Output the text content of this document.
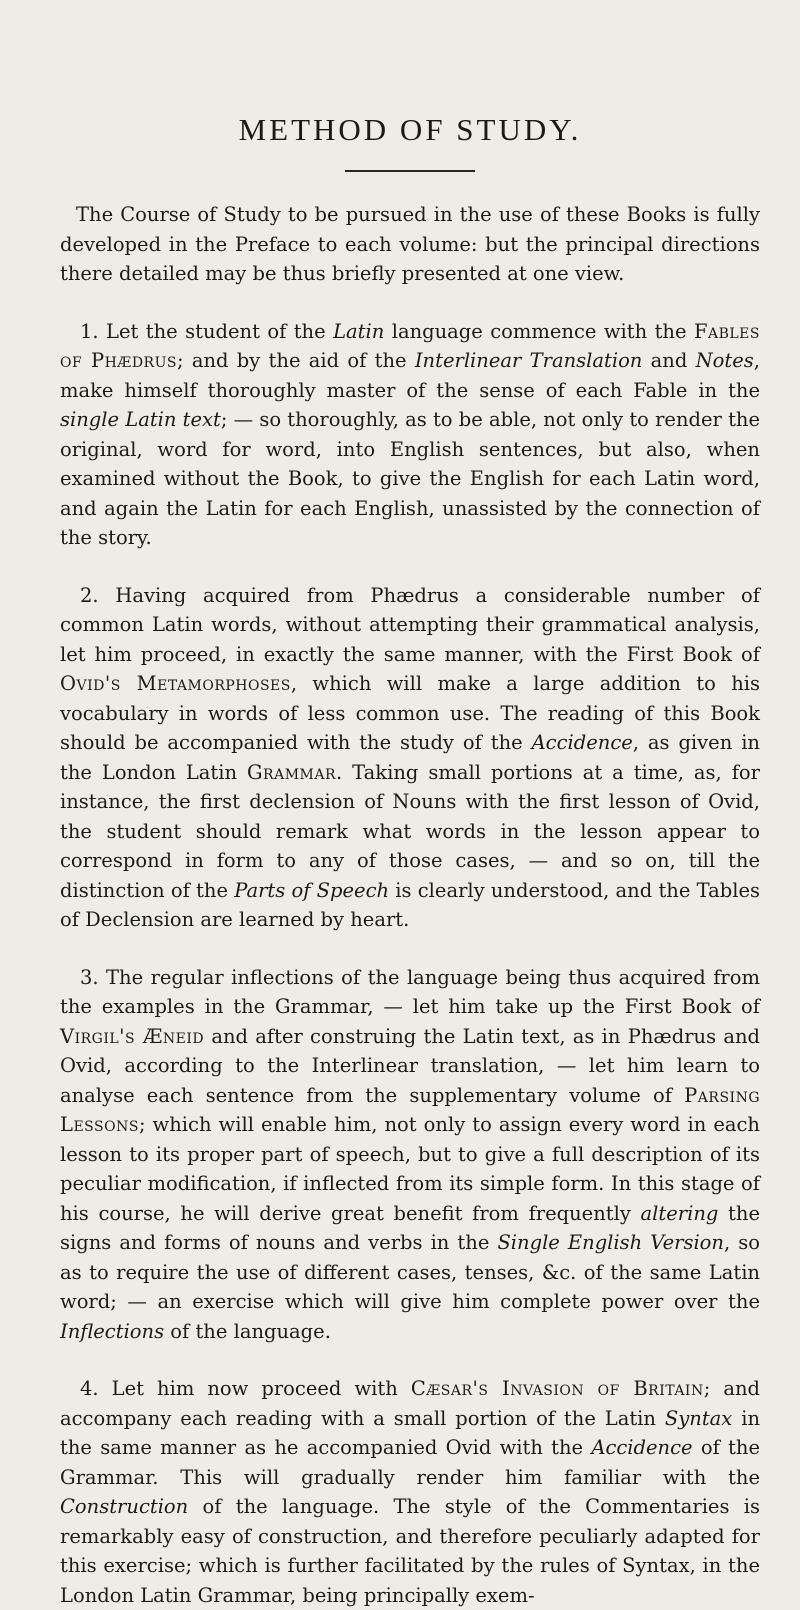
METHOD OF STUDY.

The Course of Study to be pursued in the use of these Books is fully developed in the Preface to each volume: but the principal directions there detailed may be thus briefly presented at one view.

1. Let the student of the Latin language commence with the Fables of Phædrus; and by the aid of the Interlinear Translation and Notes, make himself thoroughly master of the sense of each Fable in the single Latin text; — so thoroughly, as to be able, not only to render the original, word for word, into English sentences, but also, when examined without the Book, to give the English for each Latin word, and again the Latin for each English, unassisted by the connection of the story.

2. Having acquired from Phædrus a considerable number of common Latin words, without attempting their grammatical analysis, let him proceed, in exactly the same manner, with the First Book of Ovid's Metamorphoses, which will make a large addition to his vocabulary in words of less common use. The reading of this Book should be accompanied with the study of the Accidence, as given in the London Latin Grammar. Taking small portions at a time, as, for instance, the first declension of Nouns with the first lesson of Ovid, the student should remark what words in the lesson appear to correspond in form to any of those cases, — and so on, till the distinction of the Parts of Speech is clearly understood, and the Tables of Declension are learned by heart.

3. The regular inflections of the language being thus acquired from the examples in the Grammar, — let him take up the First Book of Virgil's Æneid and after construing the Latin text, as in Phædrus and Ovid, according to the Interlinear translation, — let him learn to analyse each sentence from the supplementary volume of Parsing Lessons; which will enable him, not only to assign every word in each lesson to its proper part of speech, but to give a full description of its peculiar modification, if inflected from its simple form. In this stage of his course, he will derive great benefit from frequently altering the signs and forms of nouns and verbs in the Single English Version, so as to require the use of different cases, tenses, &c. of the same Latin word; — an exercise which will give him complete power over the Inflections of the language.

4. Let him now proceed with Cæsar's Invasion of Britain; and accompany each reading with a small portion of the Latin Syntax in the same manner as he accompanied Ovid with the Accidence of the Grammar. This will gradually render him familiar with the Construction of the language. The style of the Commentaries is remarkably easy of construction, and therefore peculiarly adapted for this exercise; which is further facilitated by the rules of Syntax, in the London Latin Grammar, being principally exem-
